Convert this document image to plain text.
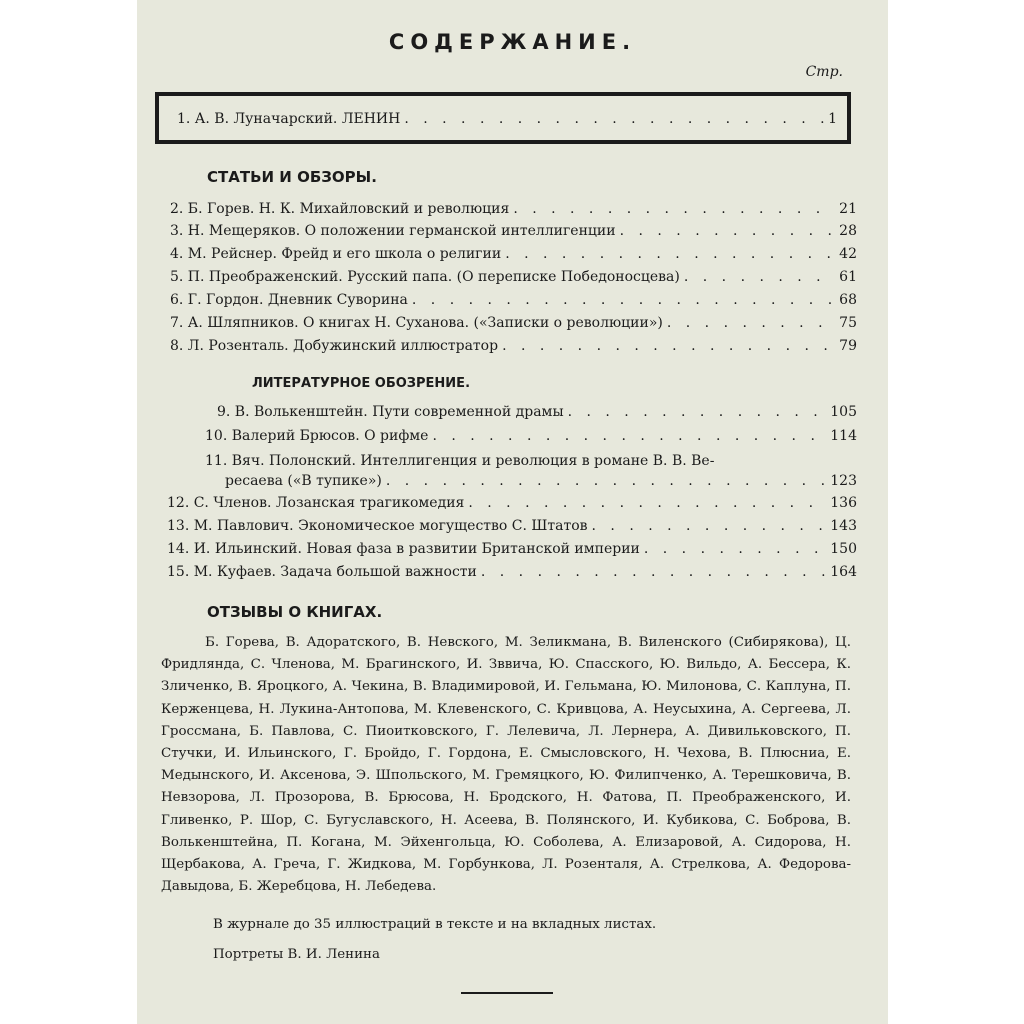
СОДЕРЖАНИЕ.
Стр.
1. А. В. Луначарский. ЛЕНИН . . .	1
СТАТЬИ И ОБЗОРЫ.
2. Б. Горев. Н. К. Михайловский и революция . . .	21
3. Н. Мещеряков. О положении германской интеллигенции . . .	28
4. М. Рейснер. Фрейд и его школа о религии . . .	42
5. П. Преображенский. Русский папа. (О переписке Победоносцева) . . .	61
6. Г. Гордон. Дневник Суворина . . .	68
7. А. Шляпников. О книгах Н. Суханова. («Записки о революции») . . .	75
8. Л. Розенталь. Добужинский иллюстратор . . .	79
ЛИТЕРАТУРНОЕ ОБОЗРЕНИЕ.
9. В. Волькенштейн. Пути современной драмы . . .	105
10. Валерий Брюсов. О рифме . . .	114
11. Вяч. Полонский. Интеллигенция и революция в романе В. В. Ве-
ресаева («В тупике») . . .	123
12. С. Членов. Лозанская трагикомедия . . .	136
13. М. Павлович. Экономическое могущество С. Штатов . . .	143
14. И. Ильинский. Новая фаза в развитии Британской империи . . .	150
15. М. Куфаев. Задача большой важности . . .	164
ОТЗЫВЫ О КНИГАХ.
Б. Горева, В. Адоратского, В. Невского, М. Зеликмана, В. Виленского (Сибирякова), Ц. Фридлянда, С. Членова, М. Брагинского, И. Зввича, Ю. Спасского, Ю. Вильдо, А. Бессера, К. Зличенко, В. Яроцкого, А. Чекина, В. Владимировой, И. Гельмана, Ю. Милонова, С. Каплуна, П. Керженцева, Н. Лукина-Антопова, М. Клевенского, С. Кривцова, А. Неусыхина, А. Сергеева, Л. Гроссмана, Б. Павлова, С. Пиоитковского, Г. Лелевича, Л. Лернера, А. Дивильковского, П. Стучки, И. Ильинского, Г. Бройдо, Г. Гордона, Е. Смысловского, Н. Чехова, В. Плюсниа, Е. Медынского, И. Аксенова, Э. Шпольского, М. Гремяцкого, Ю. Филипченко, А. Терешковича, В. Невзорова, Л. Прозорова, В. Брюсова, Н. Бродского, Н. Фатова, П. Преображенского, И. Гливенко, Р. Шор, С. Бугуславского, Н. Асеева, В. Полянского, И. Кубикова, С. Боброва, В. Волькенштейна, П. Когана, М. Эйхенгольца, Ю. Соболева, А. Елизаровой, А. Сидорова, Н. Щербакова, А. Греча, Г. Жидкова, М. Горбункова, Л. Розенталя, А. Стрелкова, А. Федорова-Давыдова, Б. Жеребцова, Н. Лебедева.
В журнале до 35 иллюстраций в тексте и на вкладных листах.
Портреты В. И. Ленина
